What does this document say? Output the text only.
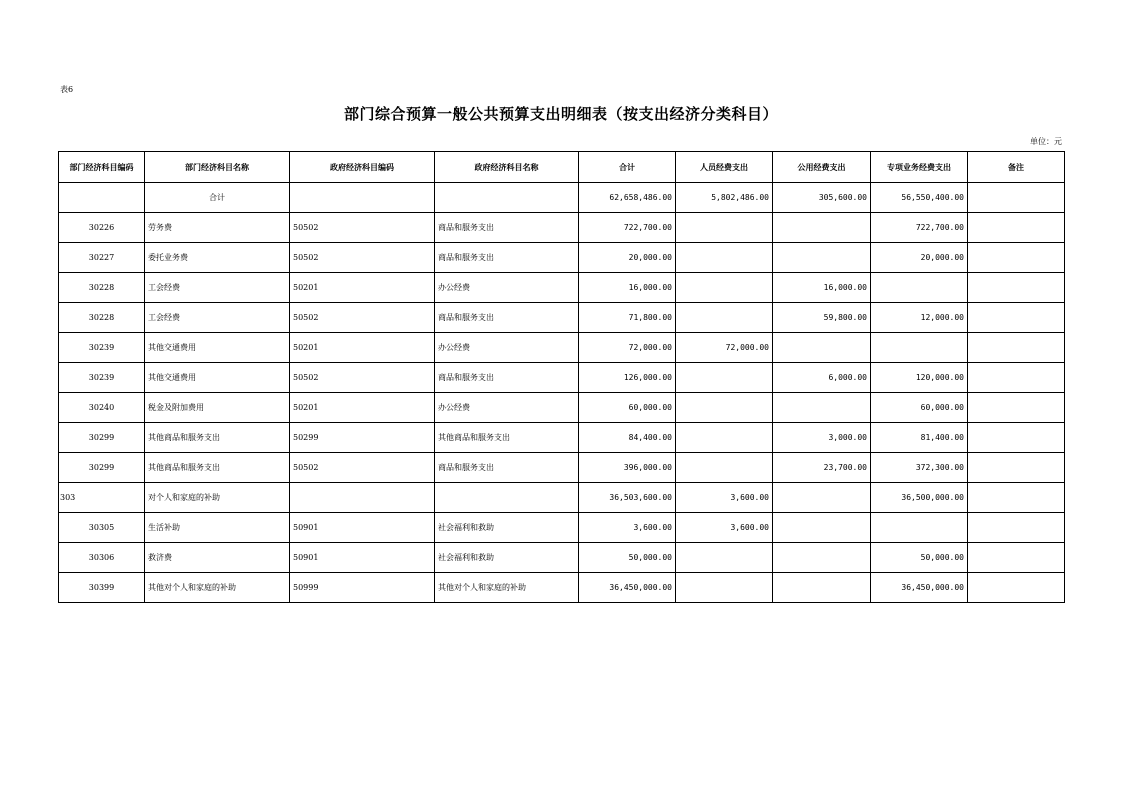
表6
部门综合预算一般公共预算支出明细表（按支出经济分类科目）
单位：元
部门经济科目编码	部门经济科目名称	政府经济科目编码	政府经济科目名称	合计	人员经费支出	公用经费支出	专项业务经费支出	备注
	合计			62,658,486.00	5,802,486.00	305,600.00	56,550,400.00	
30226	劳务费	50502	商品和服务支出	722,700.00			722,700.00	
30227	委托业务费	50502	商品和服务支出	20,000.00			20,000.00	
30228	工会经费	50201	办公经费	16,000.00		16,000.00		
30228	工会经费	50502	商品和服务支出	71,800.00		59,800.00	12,000.00	
30239	其他交通费用	50201	办公经费	72,000.00	72,000.00			
30239	其他交通费用	50502	商品和服务支出	126,000.00		6,000.00	120,000.00	
30240	税金及附加费用	50201	办公经费	60,000.00			60,000.00	
30299	其他商品和服务支出	50299	其他商品和服务支出	84,400.00		3,000.00	81,400.00	
30299	其他商品和服务支出	50502	商品和服务支出	396,000.00		23,700.00	372,300.00	
303	对个人和家庭的补助			36,503,600.00	3,600.00		36,500,000.00	
30305	生活补助	50901	社会福利和救助	3,600.00	3,600.00			
30306	救济费	50901	社会福利和救助	50,000.00			50,000.00	
30399	其他对个人和家庭的补助	50999	其他对个人和家庭的补助	36,450,000.00			36,450,000.00	
